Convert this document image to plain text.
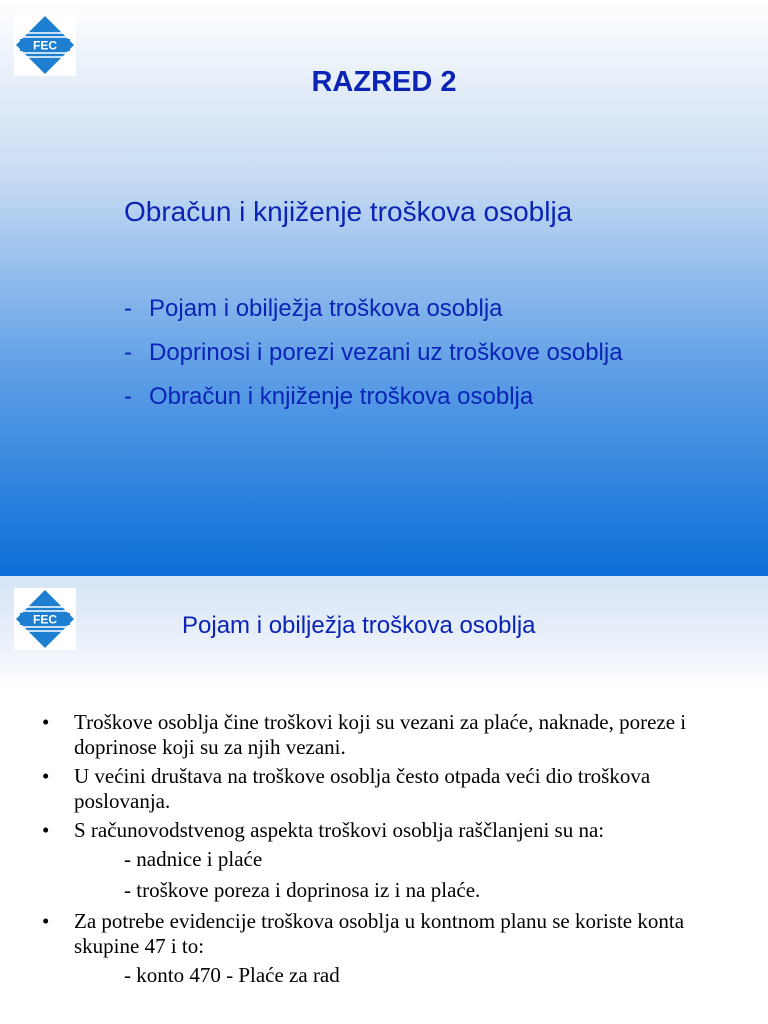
FEC
RAZRED 2
Obračun i knjiženje troškova osoblja
- Pojam i obilježja troškova osoblja
- Doprinosi i porezi vezani uz troškove osoblja
- Obračun i knjiženje troškova osoblja
FEC	Pojam i obilježja troškova osoblja
• Troškove osoblja čine troškovi koji su vezani za plaće, naknade, poreze i doprinose koji su za njih vezani.
• U većini društava na troškove osoblja često otpada veći dio troškova poslovanja.
• S računovodstvenog aspekta troškovi osoblja raščlanjeni su na:
- nadnice i plaće
- troškove poreza i doprinosa iz i na plaće.
• Za potrebe evidencije troškova osoblja u kontnom planu se koriste konta skupine 47 i to:
- konto 470 - Plaće za rad
